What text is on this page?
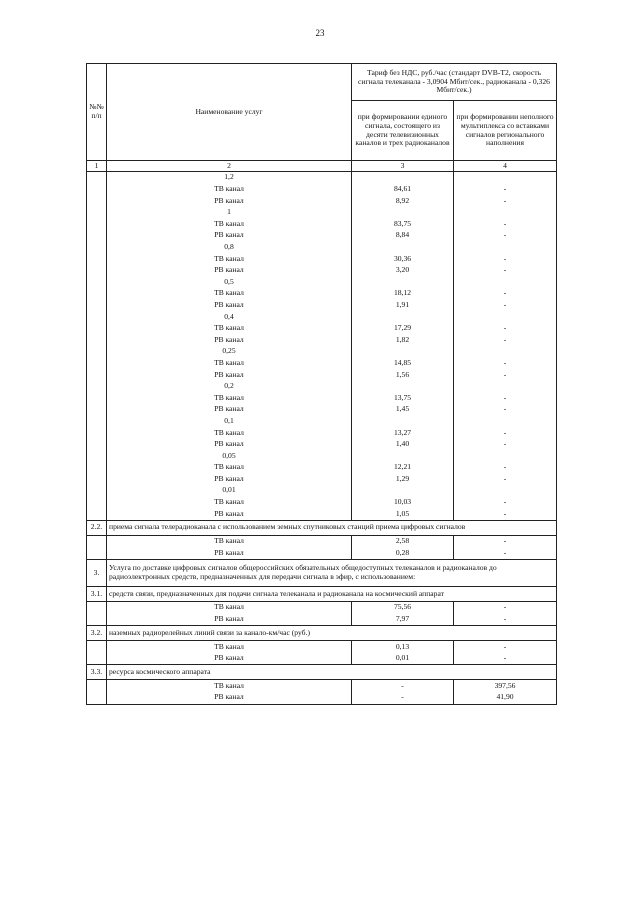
23
№№ п/п	Наименование услуг	Тариф без НДС, руб./час (стандарт DVB-T2, скорость сигнала телеканала - 3,0904 Мбит/сек., радиоканала - 0,326 Мбит/сек.)	
		при формировании единого сигнала, состоящего из десяти телевизионных каналов и трех радиоканалов	при формировании неполного мультиплекса со вставками сигналов регионального наполнения
1	2	3	4
	1,2		
	ТВ канал	84,61	-
	РВ канал	8,92	-
	1		
	ТВ канал	83,75	-
	РВ канал	8,84	-
	0,8		
	ТВ канал	30,36	-
	РВ канал	3,20	-
	0,5		
	ТВ канал	18,12	-
	РВ канал	1,91	-
	0,4		
	ТВ канал	17,29	-
	РВ канал	1,82	-
	0,25		
	ТВ канал	14,85	-
	РВ канал	1,56	-
	0,2		
	ТВ канал	13,75	-
	РВ канал	1,45	-
	0,1		
	ТВ канал	13,27	-
	РВ канал	1,40	-
	0,05		
	ТВ канал	12,21	-
	РВ канал	1,29	-
	0,01		
	ТВ канал	10,03	-
	РВ канал	1,05	-
2.2.	приема сигнала телерадиоканала с использованием земных спутниковых станций приема цифровых сигналов		
	ТВ канал	2,58	-
	РВ канал	0,28	-
3.	Услуга по доставке цифровых сигналов общероссийских обязательных общедоступных телеканалов и радиоканалов до радиоэлектронных средств, предназначенных для передачи сигнала в эфир, с использованием:		
3.1.	средств связи, предназначенных для подачи сигнала телеканала и радиоканала на космический аппарат		
	ТВ канал	75,56	-
	РВ канал	7,97	-
3.2.	наземных радиорелейных линий связи за канало-км/час (руб.)		
	ТВ канал	0,13	-
	РВ канал	0,01	-
3.3.	ресурса космического аппарата		
	ТВ канал	-	397,56
	РВ канал	-	41,90
